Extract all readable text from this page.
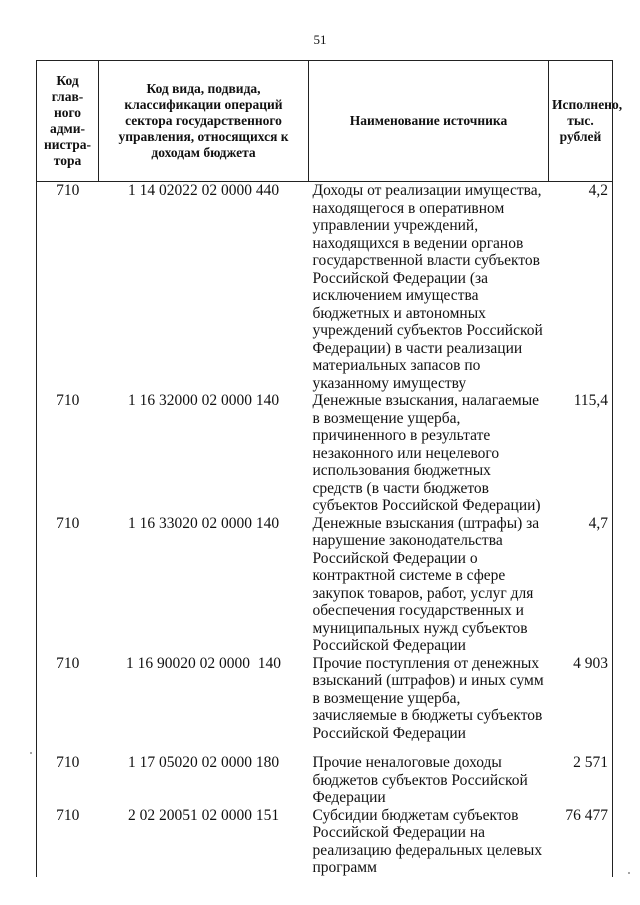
51
Код глав-ного адми-нистра-тора	Код вида, подвида, классификации операций сектора государственного управления, относящихся к доходам бюджета	Наименование источника	Исполнено, тыс. рублей
710	1 14 02022 02 0000 440	Доходы от реализации имущества, находящегося в оперативном управлении учреждений, находящихся в ведении органов государственной власти субъектов Российской Федерации (за исключением имущества бюджетных и автономных учреждений субъектов Российской Федерации) в части реализации материальных запасов по указанному имуществу	4,2
710	1 16 32000 02 0000 140	Денежные взыскания, налагаемые в возмещение ущерба, причиненного в результате незаконного или нецелевого использования бюджетных средств (в части бюджетов субъектов Российской Федерации)	115,4
710	1 16 33020 02 0000 140	Денежные взыскания (штрафы) за нарушение законодательства Российской Федерации о контрактной системе в сфере закупок товаров, работ, услуг для обеспечения государственных и муниципальных нужд субъектов Российской Федерации	4,7
710	1 16 90020 02 0000  140	Прочие поступления от денежных взысканий (штрафов) и иных сумм в возмещение ущерба, зачисляемые в бюджеты субъектов Российской Федерации	4 903
710	1 17 05020 02 0000 180	Прочие неналоговые доходы бюджетов субъектов Российской Федерации	2 571
710	2 02 20051 02 0000 151	Субсидии бюджетам субъектов Российской Федерации на реализацию федеральных целевых программ	76 477
